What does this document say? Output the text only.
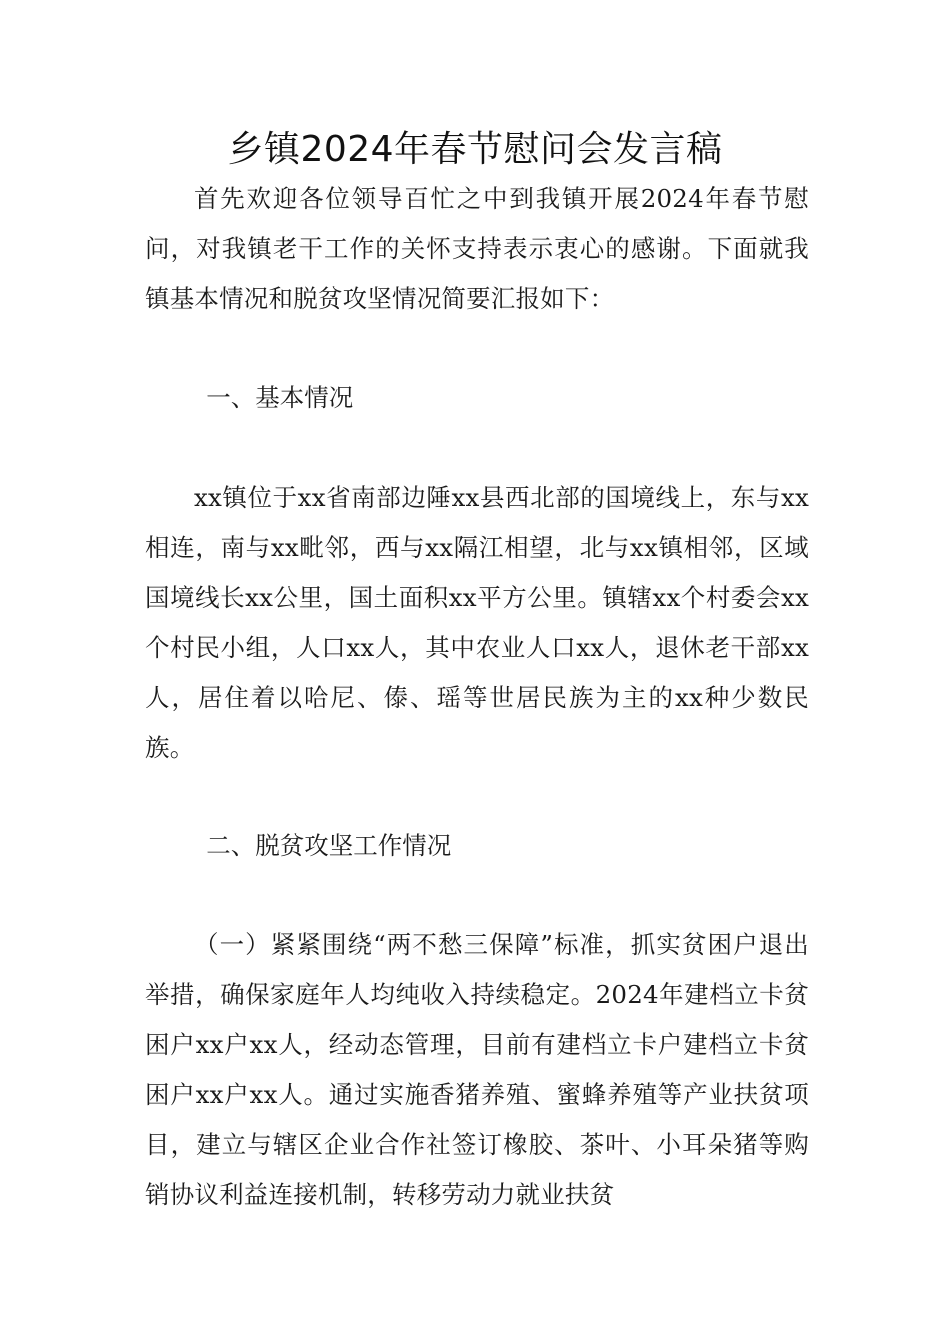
乡镇2024年春节慰问会发言稿

首先欢迎各位领导百忙之中到我镇开展2024年春节慰问，对我镇老干工作的关怀支持表示衷心的感谢。下面就我镇基本情况和脱贫攻坚情况简要汇报如下：

一、基本情况

xx镇位于xx省南部边陲xx县西北部的国境线上，东与xx相连，南与xx毗邻，西与xx隔江相望，北与xx镇相邻，区域国境线长xx公里，国土面积xx平方公里。镇辖xx个村委会xx个村民小组，人口xx人，其中农业人口xx人，退休老干部xx人，居住着以哈尼、傣、瑶等世居民族为主的xx种少数民族。

二、脱贫攻坚工作情况

（一）紧紧围绕“两不愁三保障”标准，抓实贫困户退出举措，确保家庭年人均纯收入持续稳定。2024年建档立卡贫困户xx户xx人，经动态管理，目前有建档立卡户建档立卡贫困户xx户xx人。通过实施香猪养殖、蜜蜂养殖等产业扶贫项目，建立与辖区企业合作社签订橡胶、茶叶、小耳朵猪等购销协议利益连接机制，转移劳动力就业扶贫
